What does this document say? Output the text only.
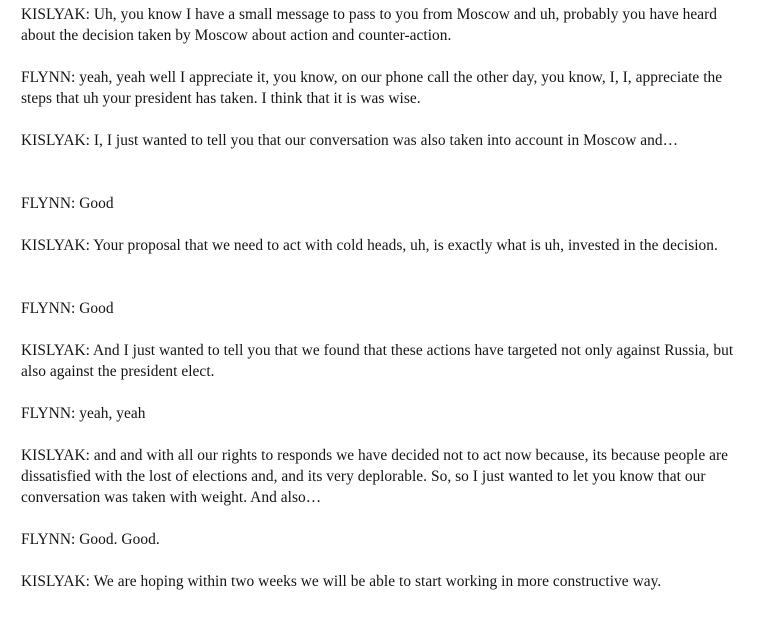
KISLYAK: Uh, you know I have a small message to pass to you from Moscow and uh, probably you have heard about the decision taken by Moscow about action and counter-action.

FLYNN: yeah, yeah well I appreciate it, you know, on our phone call the other day, you know, I, I, appreciate the steps that uh your president has taken. I think that it is was wise.

KISLYAK: I, I just wanted to tell you that our conversation was also taken into account in Moscow and…

FLYNN: Good

KISLYAK: Your proposal that we need to act with cold heads, uh, is exactly what is uh, invested in the decision.

FLYNN: Good

KISLYAK: And I just wanted to tell you that we found that these actions have targeted not only against Russia, but also against the president elect.

FLYNN: yeah, yeah

KISLYAK: and and with all our rights to responds we have decided not to act now because, its because people are dissatisfied with the lost of elections and, and its very deplorable. So, so I just wanted to let you know that our conversation was taken with weight. And also…

FLYNN: Good. Good.

KISLYAK: We are hoping within two weeks we will be able to start working in more constructive way.
